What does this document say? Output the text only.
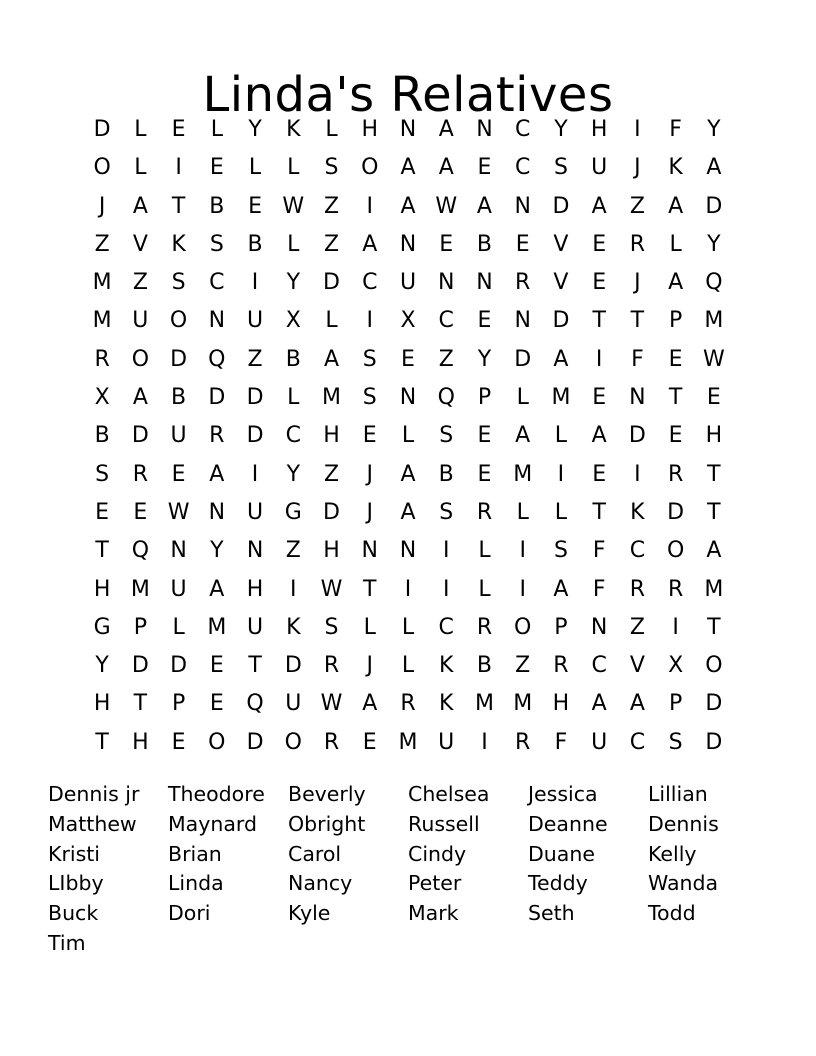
Linda's Relatives
D	L	E	L	Y	K	L	H N	A	N	C	Y	H	I	F	Y
O	L	I	E	L	L	S	O	A	A	E	C	S	U	J	K	A
J	A	T	B	E W Z	I	A W A	N D	A	Z	A	D
Z	V	K	S	B	L	Z	A	N	E	B	E	V	E	R	L	Y
M Z	S	C	I	Y	D	C	U N N	R	V	E	J	A	Q
M U O N U	X	L	I	X	C	E	N D	T	T	P	M
R O D Q	Z	B	A	S	E	Z	Y	D	A	I	F	E W
X	A	B	D D	L	M S	N Q	P	L	M E	N	T	E
B	D U	R	D	C	H	E	L	S	E	A	L	A	D	E	H
S	R	E	A	I	Y	Z	J	A	B	E M	I	E	I	R	T
E	E W N U G D	J	A	S	R	L	L	T	K	D	T
T	Q N	Y	N	Z	H N N	I	L	I	S	F	C O	A
H M U	A	H	I	W T	I	I	L	I	A	F	R	R M
G	P	L	M U	K	S	L	L	C	R O	P	N	Z	I	T
Y	D D	E	T	D	R	J	L	K	B	Z	R	C	V	X	O
H	T	P	E	Q U W A	R	K M M H	A	A	P	D
T	H	E	O D O R	E M U	I	R	F	U	C	S	D
Dennis jr	Theodore	Beverly	Chelsea	Jessica	Lillian
Matthew	Maynard	Obright	Russell	Deanne	Dennis
Kristi	Brian	Carol	Cindy	Duane	Kelly
LIbby	Linda	Nancy	Peter	Teddy	Wanda
Buck	Dori	Kyle	Mark	Seth	Todd
Tim
